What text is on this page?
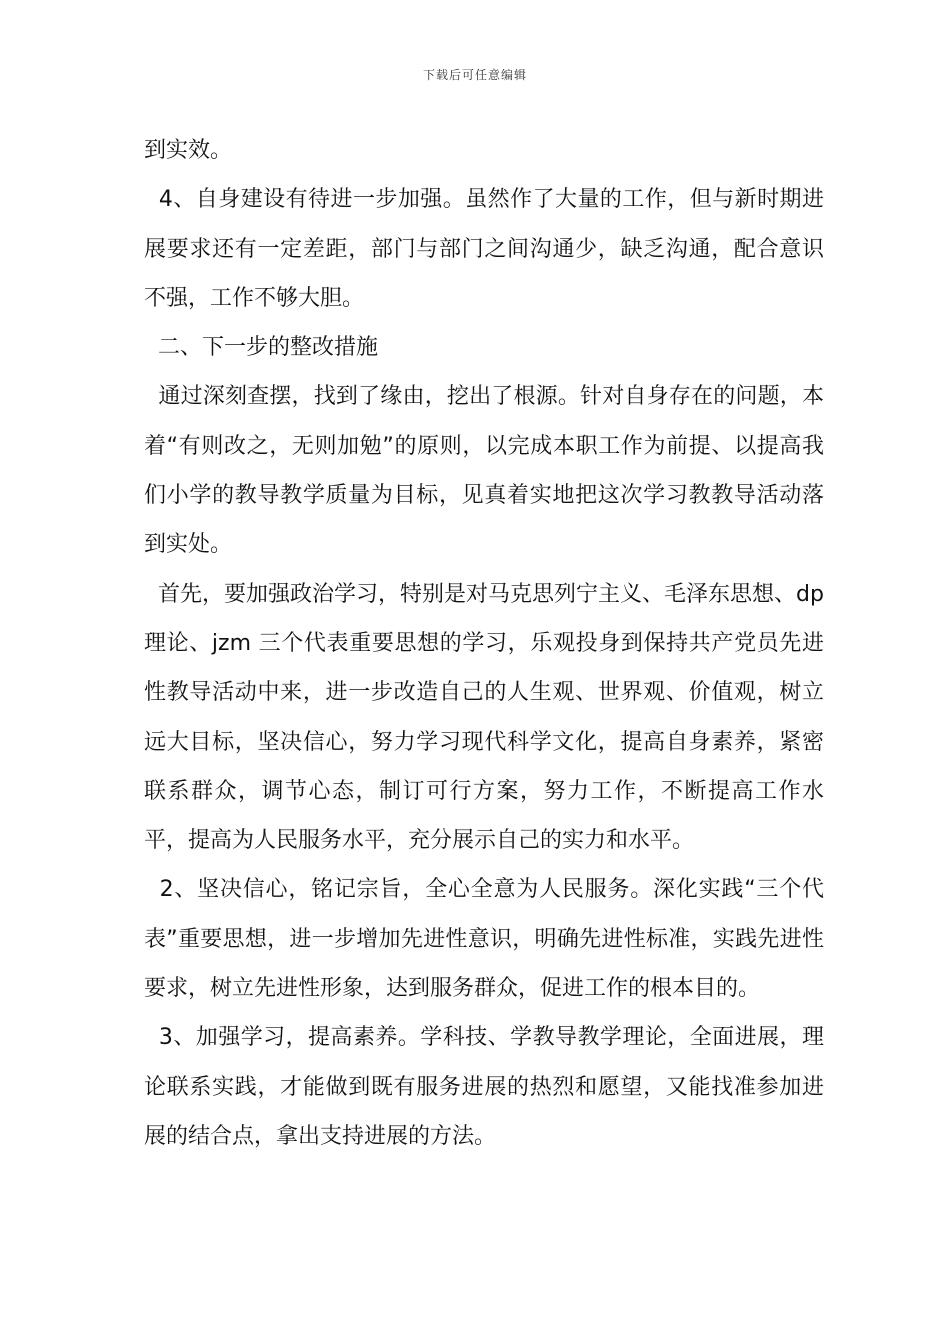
下载后可任意编辑

到实效。

4、自身建设有待进一步加强。虽然作了大量的工作，但与新时期进展要求还有一定差距，部门与部门之间沟通少，缺乏沟通，配合意识不强，工作不够大胆。

二、下一步的整改措施

通过深刻查摆，找到了缘由，挖出了根源。针对自身存在的问题，本着“有则改之，无则加勉”的原则，以完成本职工作为前提、以提高我们小学的教导教学质量为目标，见真着实地把这次学习教教导活动落到实处。

首先，要加强政治学习，特别是对马克思列宁主义、毛泽东思想、dp 理论、jzm 三个代表重要思想的学习，乐观投身到保持共产党员先进性教导活动中来，进一步改造自己的人生观、世界观、价值观，树立远大目标，坚决信心，努力学习现代科学文化，提高自身素养，紧密联系群众，调节心态，制订可行方案，努力工作，不断提高工作水平，提高为人民服务水平，充分展示自己的实力和水平。

2、坚决信心，铭记宗旨，全心全意为人民服务。深化实践“三个代表”重要思想，进一步增加先进性意识，明确先进性标准，实践先进性要求，树立先进性形象，达到服务群众，促进工作的根本目的。

3、加强学习，提高素养。学科技、学教导教学理论，全面进展，理论联系实践，才能做到既有服务进展的热烈和愿望，又能找准参加进展的结合点，拿出支持进展的方法。
